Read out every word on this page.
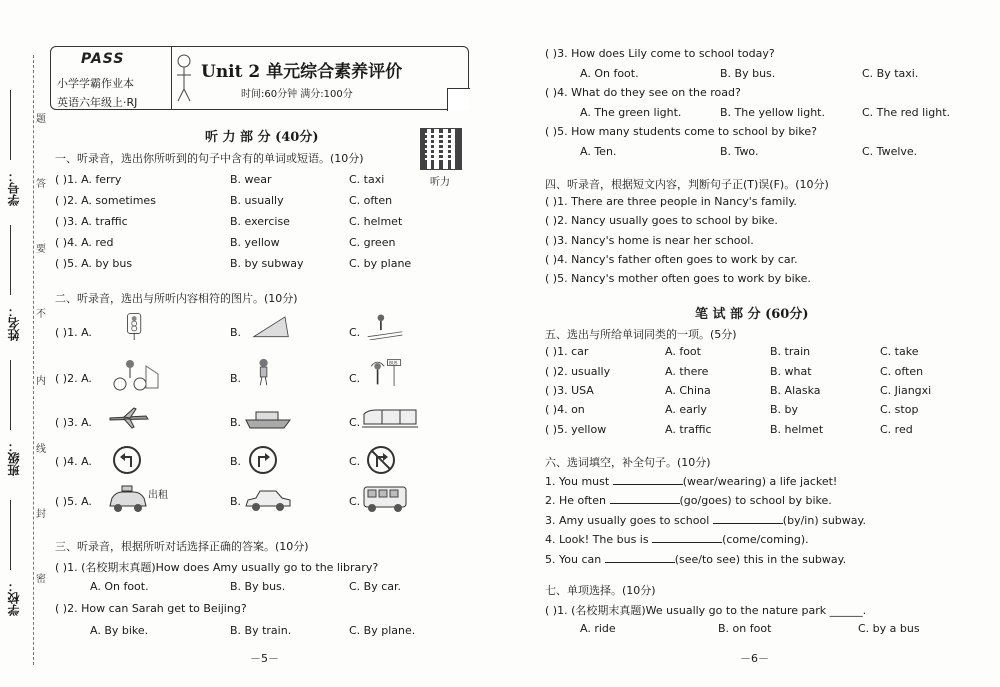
学号：
姓名：
班级：
学校：
题
答
要
不
内
线
封
密
PASS
小学学霸作业本
英语六年级上·RJ
Unit 2 单元综合素养评价
时间:60分钟 满分:100分
听 力 部 分 (40分)
听力
一、听录音，选出你所听到的句子中含有的单词或短语。(10分)
( )1. A. ferry	B. wear	C. taxi
( )2. A. sometimes	B. usually	C. often
( )3. A. traffic	B. exercise	C. helmet
( )4. A. red	B. yellow	C. green
( )5. A. by bus	B. by subway	C. by plane
二、听录音，选出与所听内容相符的图片。(10分)
( )1. A.	B.	C.
( )2. A.	B.	C.
BUS
( )3. A.	B.	C.
( )4. A.	B.	C.
( )5. A.	B.	C.
出租
三、听录音，根据所听对话选择正确的答案。(10分)
( )1. (名校期末真题)How does Amy usually go to the library?
A. On foot.	B. By bus.	C. By car.
( )2. How can Sarah get to Beijing?
A. By bike.	B. By train.	C. By plane.
－5－
( )3. How does Lily come to school today?
A. On foot.	B. By bus.	C. By taxi.
( )4. What do they see on the road?
A. The green light.	B. The yellow light.	C. The red light.
( )5. How many students come to school by bike?
A. Ten.	B. Two.	C. Twelve.
四、听录音，根据短文内容，判断句子正(T)误(F)。(10分)
( )1. There are three people in Nancy's family.
( )2. Nancy usually goes to school by bike.
( )3. Nancy's home is near her school.
( )4. Nancy's father often goes to work by car.
( )5. Nancy's mother often goes to work by bike.
笔 试 部 分 (60分)
五、选出与所给单词同类的一项。(5分)
( )1. car	A. foot	B. train	C. take
( )2. usually	A. there	B. what	C. often
( )3. USA	A. China	B. Alaska	C. Jiangxi
( )4. on	A. early	B. by	C. stop
( )5. yellow	A. traffic	B. helmet	C. red
六、选词填空，补全句子。(10分)
1. You must	(wear/wearing) a life jacket!
2. He often	(go/goes) to school by bike.
3. Amy usually goes to school	(by/in) subway.
4. Look! The bus is	(come/coming).
5. You can	(see/to see) this in the subway.
七、单项选择。(10分)
( )1. (名校期末真题)We usually go to the nature park ______.
A. ride	B. on foot	C. by a bus
－6－
